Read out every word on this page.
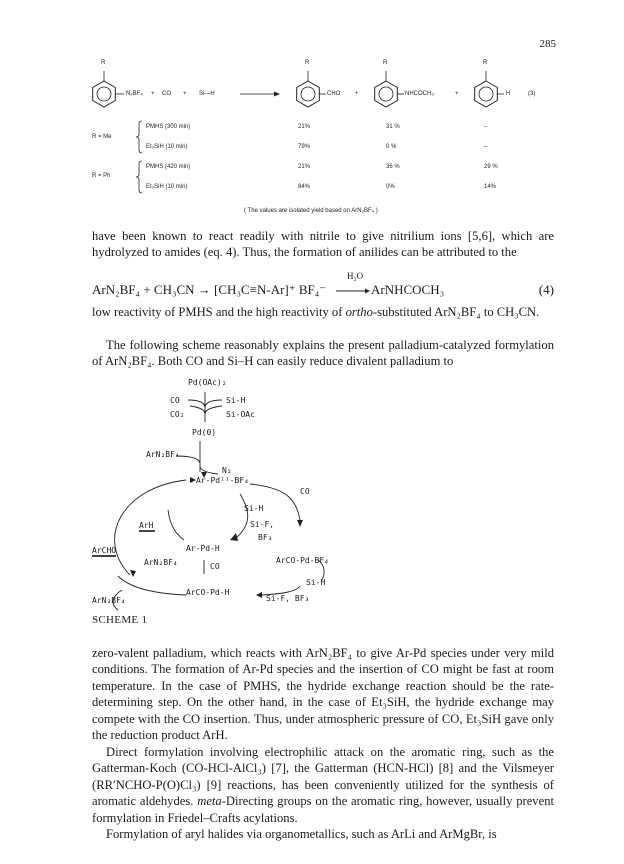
285
R
N₂BF₄ + CO + Si—H
R
CHO +
R
NHCOCH₃	+
R
H	(3)
R = Me
R = Ph
PMHS (300 min)	21%	31 %	–
Et₃SiH (10 min)	79%	0 %	–
PMHS (420 min)	21%	36 %	29 %
Et₃SiH (10 min)	84%	0%	14%
( The values are isolated yield based on ArN₂BF₄ )
have been known to react readily with nitrile to give nitrilium ions [5,6], which are hydrolyzed to amides (eq. 4). Thus, the formation of anilides can be attributed to the
ArN₂BF₄ + CH₃CN → [CH₃C≡N-Ar]⁺ BF₄⁻
H₂O
ArNHCOCH₃	(4)
low reactivity of PMHS and the high reactivity of ortho-substituted ArN₂BF₄ to CH₃CN.
The following scheme reasonably explains the present palladium-catalyzed formylation of ArN₂BF₄. Both CO and Si–H can easily reduce divalent palladium to
Pd(OAc)₂
CO	Si-H
CO₂	Si-OAc
Pd(0)
ArN₂BF₄
N₂
Ar-Pdᴵᴵ-BF₄
CO
Si-H
Si-F,
BF₃
ArH
Ar-Pd-H
ArN₂BF₄	CO
ArCO-Pd-BF₄
Si-H
ArCHO
ArCO-Pd-H
Si-F, BF₃
ArN₂BF₄
SCHEME 1
zero-valent palladium, which reacts with ArN₂BF₄ to give Ar-Pd species under very mild conditions. The formation of Ar-Pd species and the insertion of CO might be fast at room temperature. In the case of PMHS, the hydride exchange reaction should be the rate-determining step. On the other hand, in the case of Et₃SiH, the hydride exchange may compete with the CO insertion. Thus, under atmospheric pressure of CO, Et₃SiH gave only the reduction product ArH.
Direct formylation involving electrophilic attack on the aromatic ring, such as the Gatterman-Koch (CO-HCl-AlCl₃) [7], the Gatterman (HCN-HCl) [8] and the Vilsmeyer (RR′NCHO-P(O)Cl₃) [9] reactions, has been conveniently utilized for the synthesis of aromatic aldehydes. meta-Directing groups on the aromatic ring, however, usually prevent formylation in Friedel–Crafts acylations.
Formylation of aryl halides via organometallics, such as ArLi and ArMgBr, is
